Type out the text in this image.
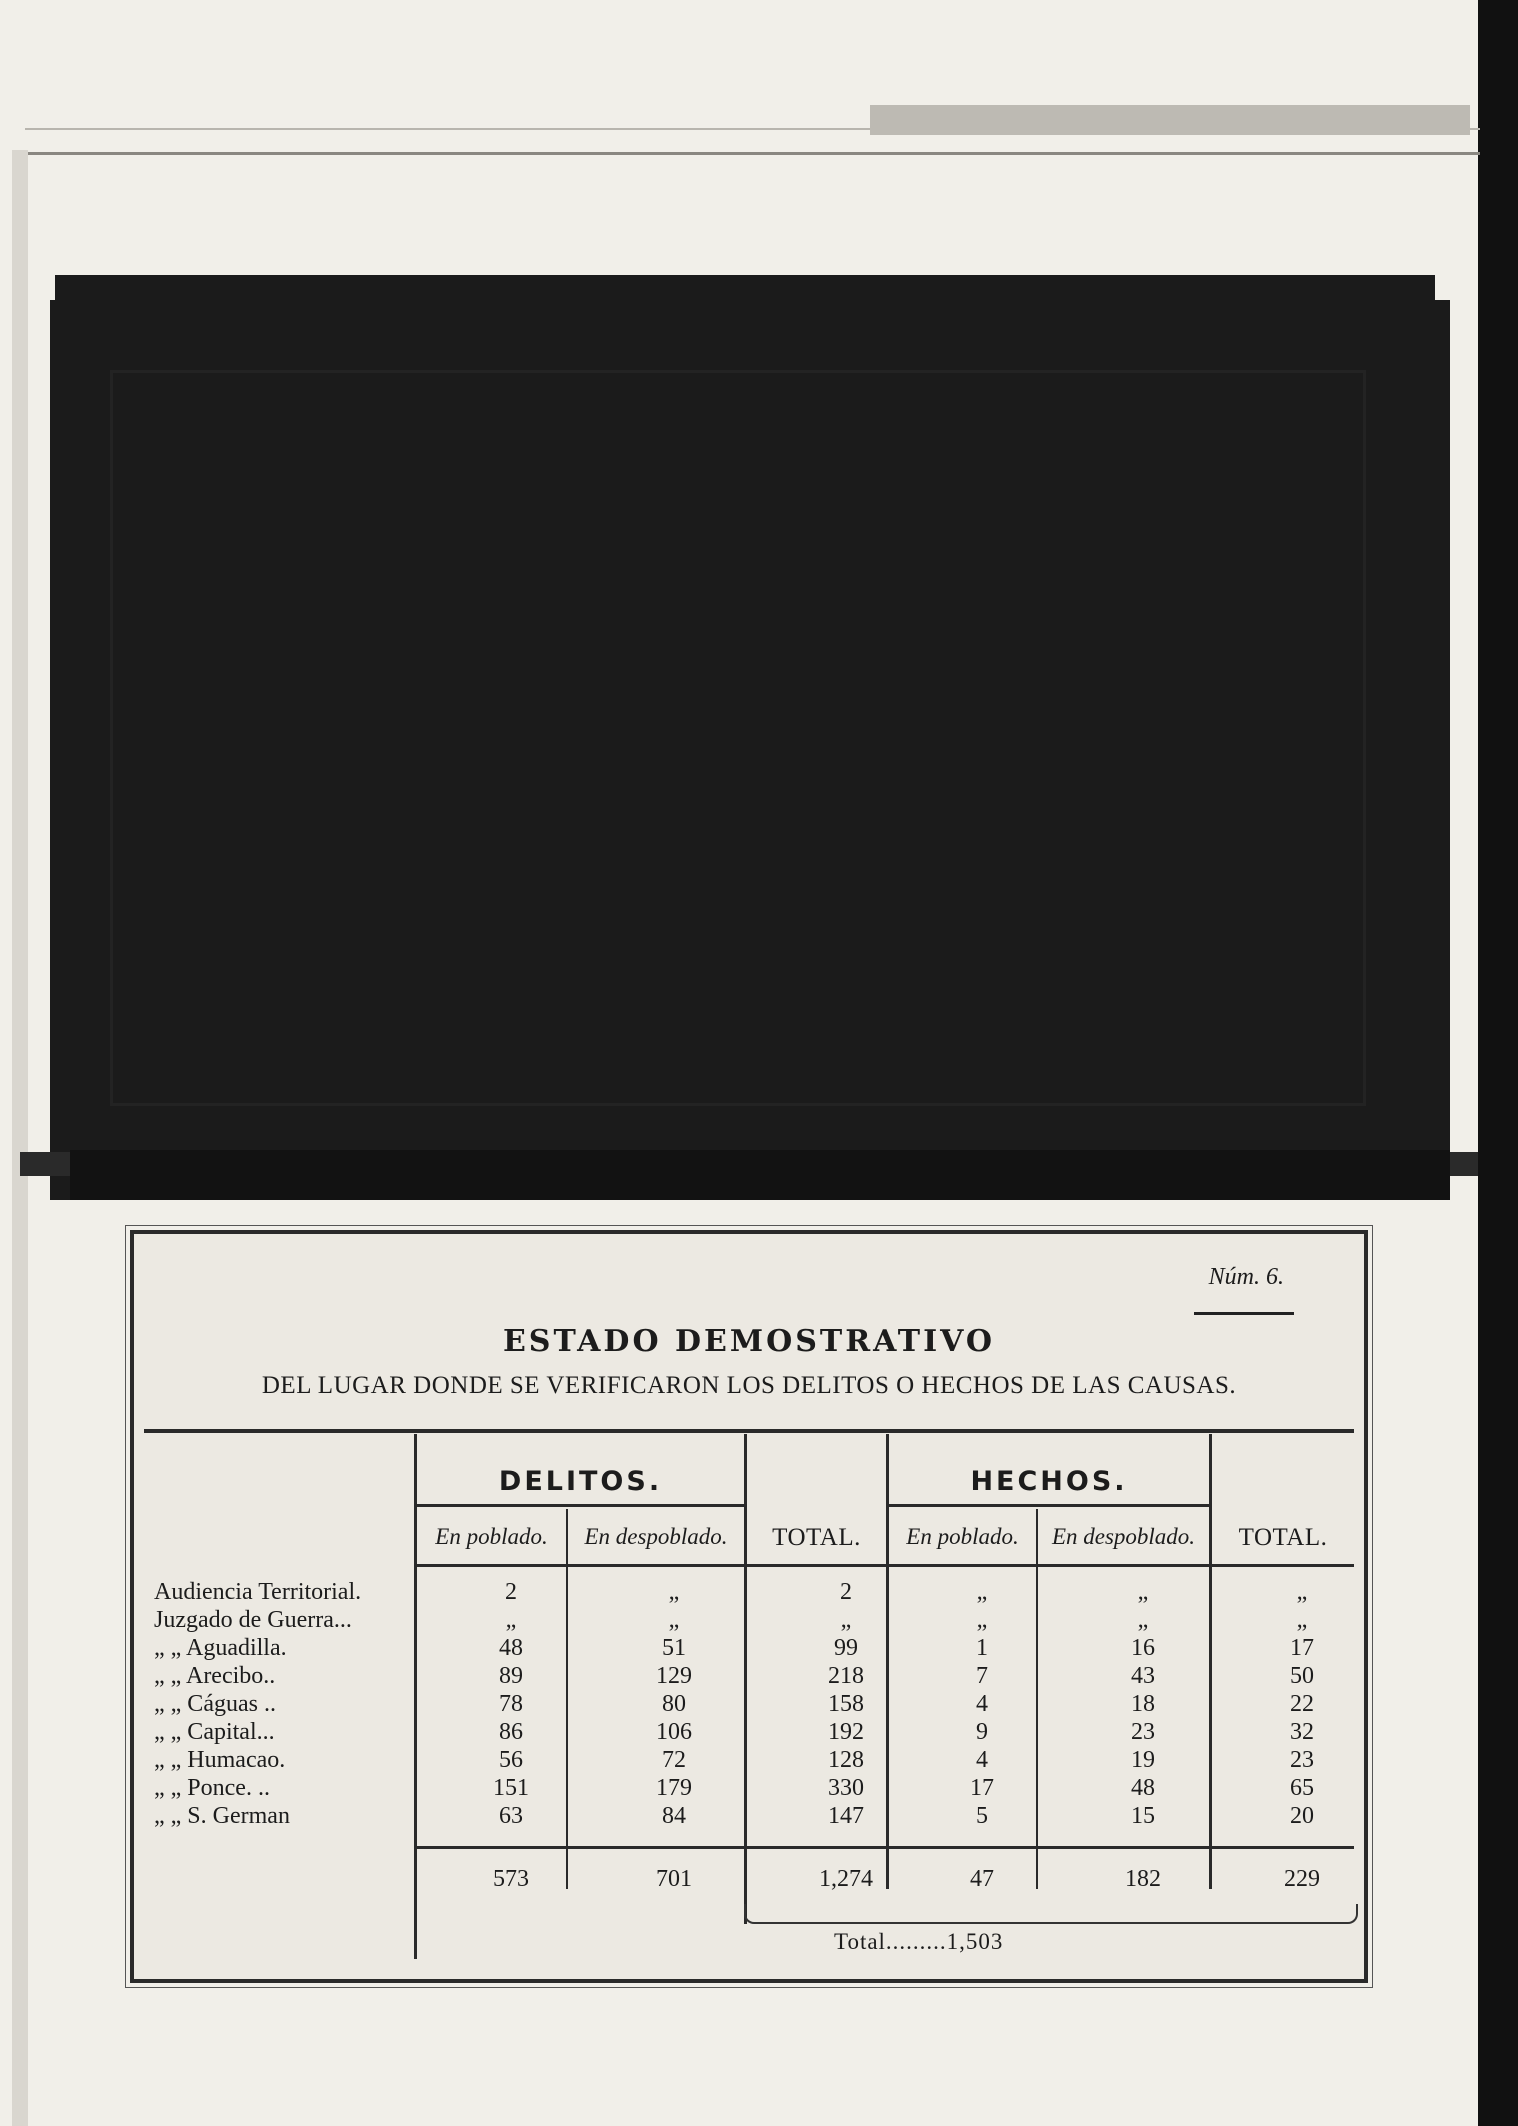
Núm. 6.
ESTADO DEMOSTRATIVO
DEL LUGAR DONDE SE VERIFICARON LOS DELITOS O HECHOS DE LAS CAUSAS.
DELITOS.	HECHOS.
En poblado.	En despoblado.	TOTAL.	En poblado.	En despoblado.	TOTAL.
Audiencia Territorial.	2	„	2	„	„	„
Juzgado de Guerra...	„	„	„	„	„	„
„ „ Aguadilla.	48	51	99	1	16	17
„ „ Arecibo..	89	129	218	7	43	50
„ „ Cáguas ..	78	80	158	4	18	22
„ „ Capital...	86	106	192	9	23	32
„ „ Humacao.	56	72	128	4	19	23
„ „ Ponce. ..	151	179	330	17	48	65
„ „ S. German	63	84	147	5	15	20
573	701	1,274	47	182	229
Total.........1,503
